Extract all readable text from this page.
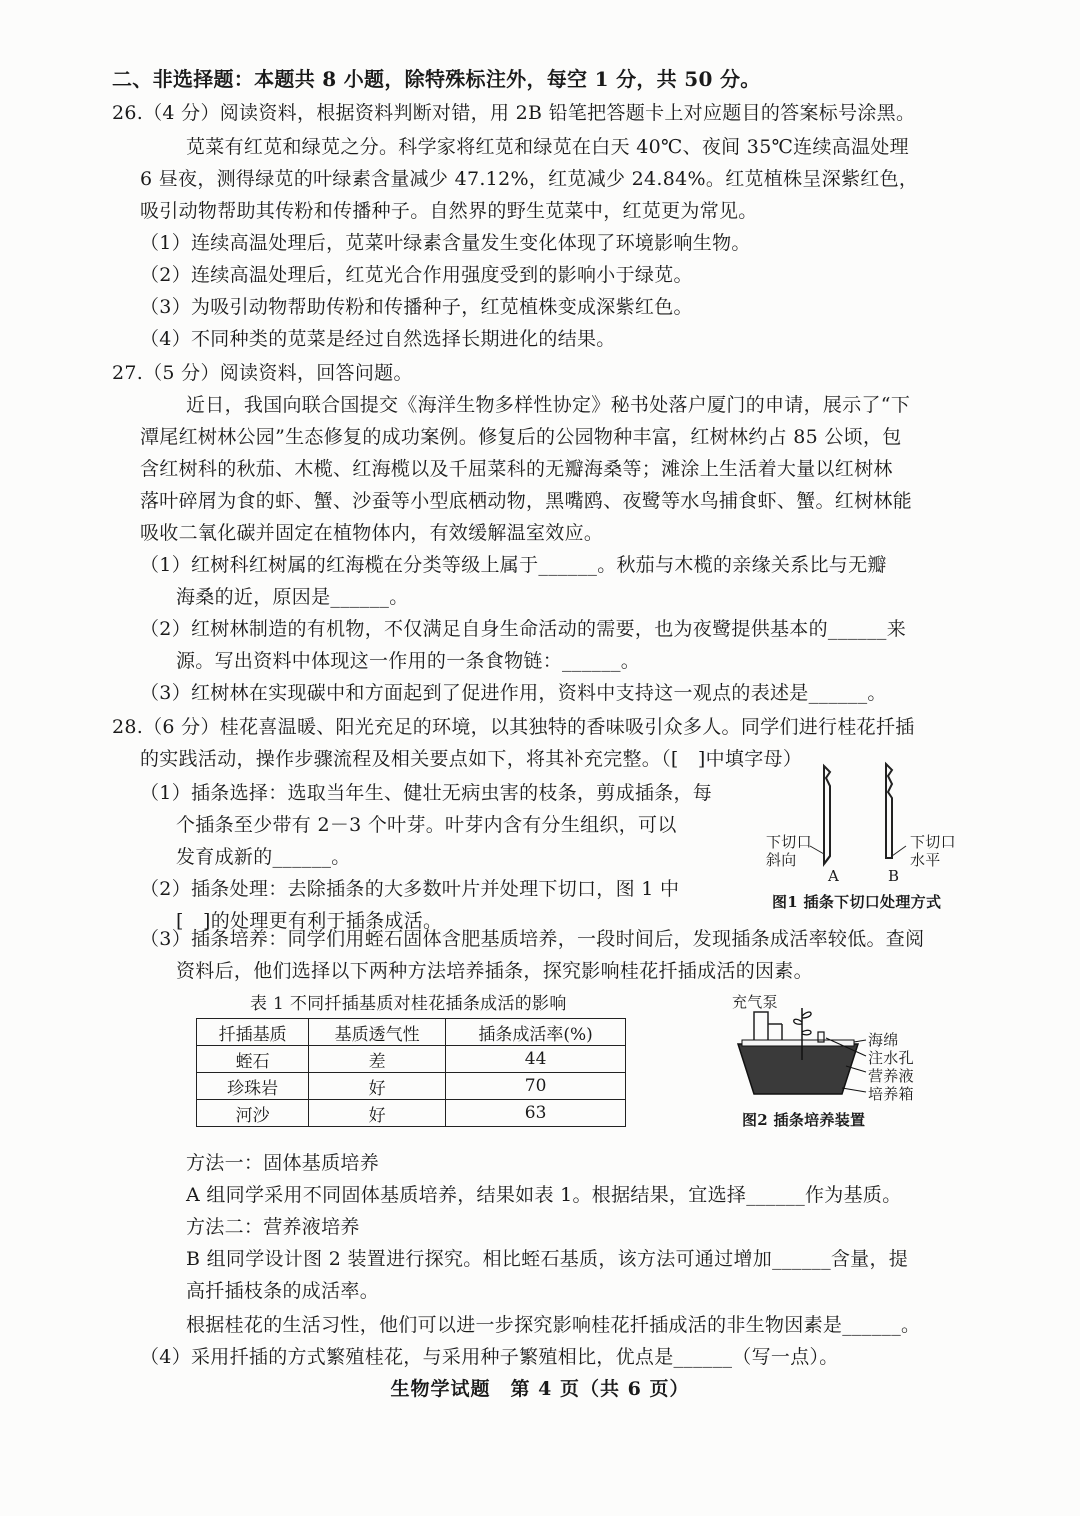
二、非选择题：本题共 8 小题，除特殊标注外，每空 1 分，共 50 分。
26.（4 分）阅读资料，根据资料判断对错，用 2B 铅笔把答题卡上对应题目的答案标号涂黑。
苋菜有红苋和绿苋之分。科学家将红苋和绿苋在白天 40℃、夜间 35℃连续高温处理
6 昼夜，测得绿苋的叶绿素含量减少 47.12%，红苋减少 24.84%。红苋植株呈深紫红色，
吸引动物帮助其传粉和传播种子。自然界的野生苋菜中，红苋更为常见。
（1）连续高温处理后，苋菜叶绿素含量发生变化体现了环境影响生物。
（2）连续高温处理后，红苋光合作用强度受到的影响小于绿苋。
（3）为吸引动物帮助传粉和传播种子，红苋植株变成深紫红色。
（4）不同种类的苋菜是经过自然选择长期进化的结果。
27.（5 分）阅读资料，回答问题。
近日，我国向联合国提交《海洋生物多样性协定》秘书处落户厦门的申请，展示了“下
潭尾红树林公园”生态修复的成功案例。修复后的公园物种丰富，红树林约占 85 公顷，包
含红树科的秋茄、木榄、红海榄以及千屈菜科的无瓣海桑等；滩涂上生活着大量以红树林
落叶碎屑为食的虾、蟹、沙蚕等小型底栖动物，黑嘴鸥、夜鹭等水鸟捕食虾、蟹。红树林能
吸收二氧化碳并固定在植物体内，有效缓解温室效应。
（1）红树科红树属的红海榄在分类等级上属于______。秋茄与木榄的亲缘关系比与无瓣
海桑的近，原因是______。
（2）红树林制造的有机物，不仅满足自身生命活动的需要，也为夜鹭提供基本的______来
源。写出资料中体现这一作用的一条食物链：______。
（3）红树林在实现碳中和方面起到了促进作用，资料中支持这一观点的表述是______。
28.（6 分）桂花喜温暖、阳光充足的环境，以其独特的香味吸引众多人。同学们进行桂花扦插
的实践活动，操作步骤流程及相关要点如下，将其补充完整。（[　]中填字母）
（1）插条选择：选取当年生、健壮无病虫害的枝条，剪成插条，每
个插条至少带有 2－3 个叶芽。叶芽内含有分生组织，可以
发育成新的______。
（2）插条处理：去除插条的大多数叶片并处理下切口，图 1 中
[　]的处理更有利于插条成活。
下切口
斜向
下切口
水平
A	B
图1 插条下切口处理方式
（3）插条培养：同学们用蛭石固体含肥基质培养，一段时间后，发现插条成活率较低。查阅
资料后，他们选择以下两种方法培养插条，探究影响桂花扦插成活的因素。
表 1 不同扦插基质对桂花插条成活的影响
扦插基质	基质透气性	插条成活率(%)
蛭石	差	44
珍珠岩	好	70
河沙	好	63
充气泵
海绵
注水孔
营养液
培养箱
图2 插条培养装置
方法一：固体基质培养
A 组同学采用不同固体基质培养，结果如表 1。根据结果，宜选择______作为基质。
方法二：营养液培养
B 组同学设计图 2 装置进行探究。相比蛭石基质，该方法可通过增加______含量，提
高扦插枝条的成活率。
根据桂花的生活习性，他们可以进一步探究影响桂花扦插成活的非生物因素是______。
（4）采用扦插的方式繁殖桂花，与采用种子繁殖相比，优点是______（写一点）。
生物学试题　第 4 页（共 6 页）
